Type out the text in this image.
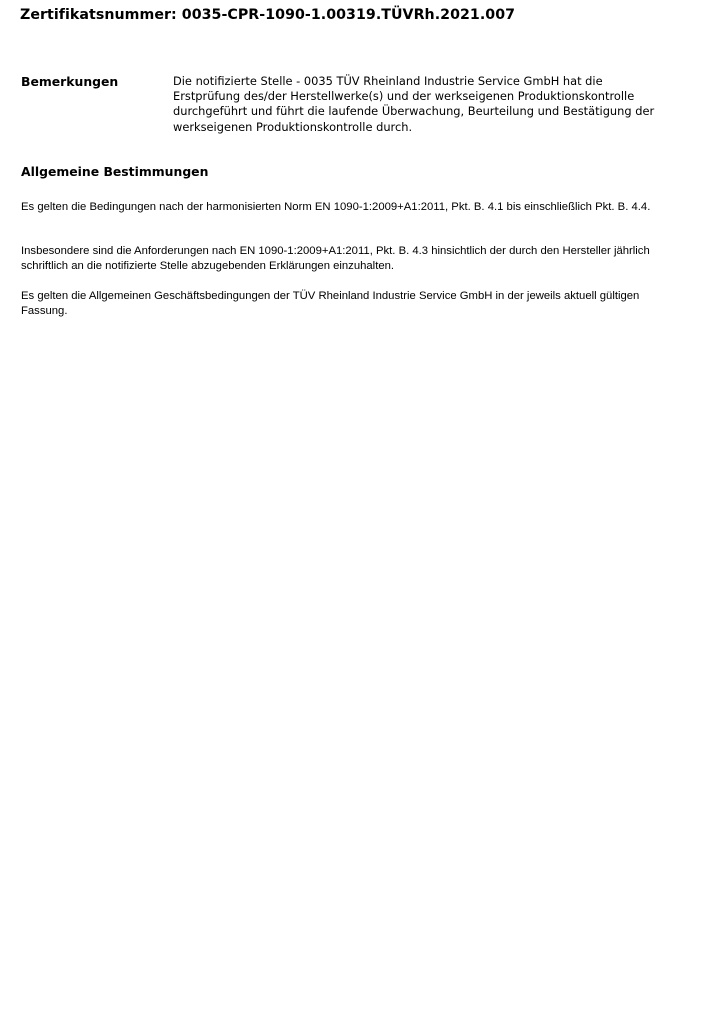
Zertifikatsnummer: 0035-CPR-1090-1.00319.TÜVRh.2021.007
Bemerkungen	Die notifizierte Stelle - 0035 TÜV Rheinland Industrie Service GmbH hat die Erstprüfung des/der Herstellwerke(s) und der werkseigenen Produktionskontrolle durchgeführt und führt die laufende Überwachung, Beurteilung und Bestätigung der werkseigenen Produktionskontrolle durch.
Allgemeine Bestimmungen

Es gelten die Bedingungen nach der harmonisierten Norm EN 1090-1:2009+A1:2011, Pkt. B. 4.1 bis einschließlich Pkt. B. 4.4.

Insbesondere sind die Anforderungen nach EN 1090-1:2009+A1:2011, Pkt. B. 4.3 hinsichtlich der durch den Hersteller jährlich schriftlich an die notifizierte Stelle abzugebenden Erklärungen einzuhalten.

Es gelten die Allgemeinen Geschäftsbedingungen der TÜV Rheinland Industrie Service GmbH in der jeweils aktuell gültigen Fassung.
